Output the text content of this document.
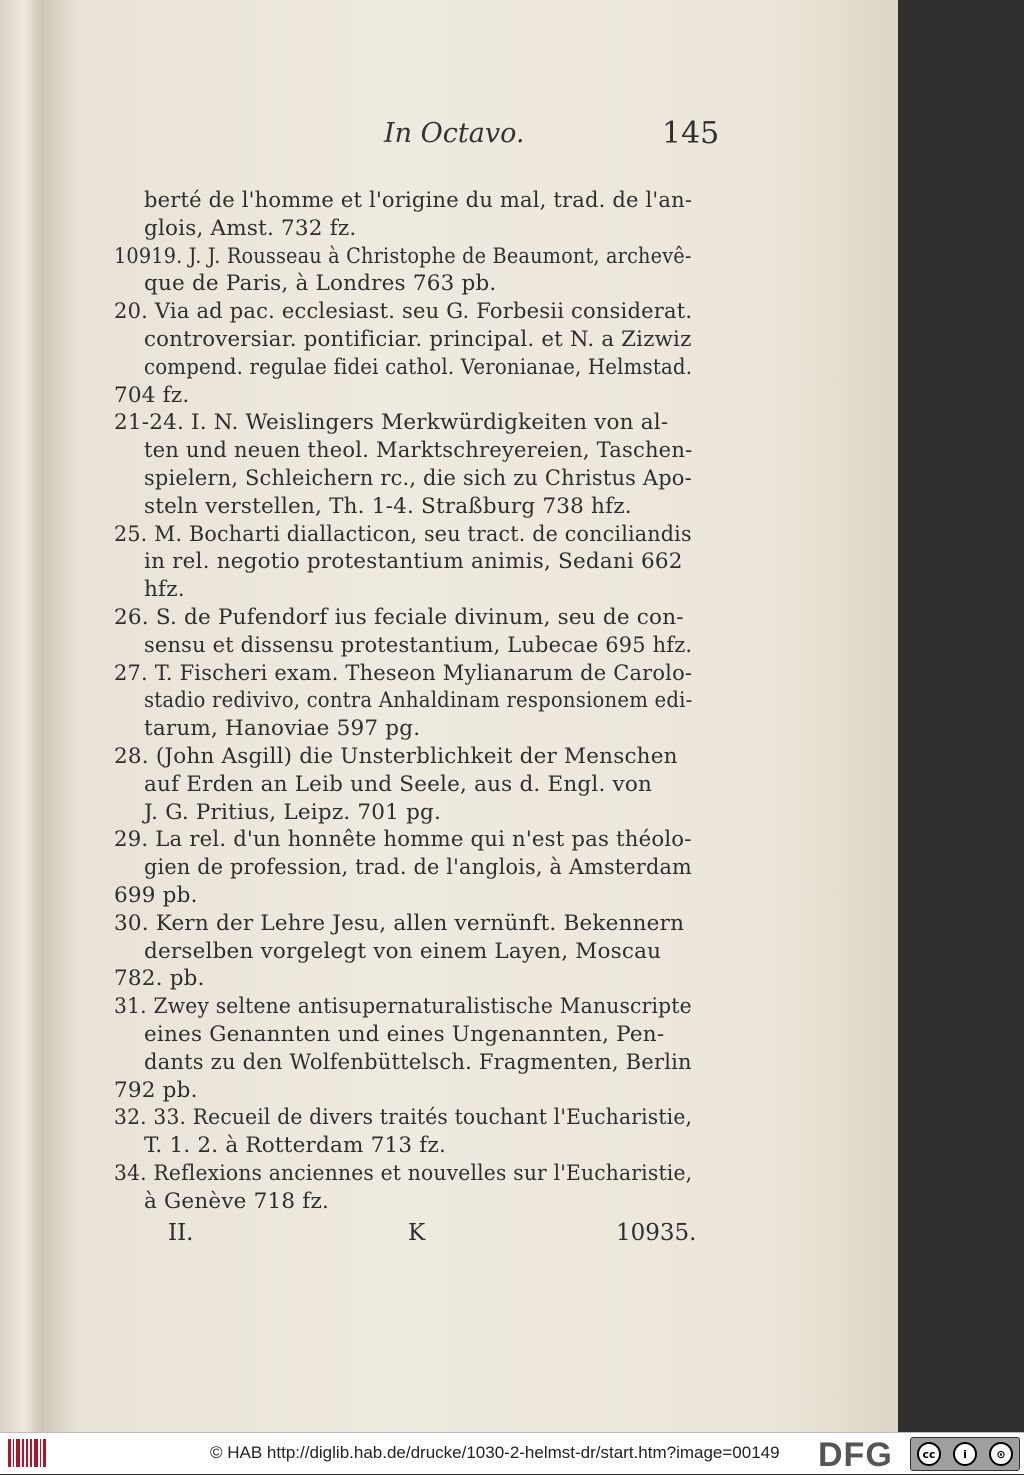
In Octavo.	145
berté de l'homme et l'origine du mal, trad. de l'an-
glois, Amst. 732 fz.
10919. J. J. Rousseau à Christophe de Beaumont, archevê-
que de Paris, à Londres 763 pb.
20. Via ad pac. ecclesiast. seu G. Forbesii considerat.
controversiar. pontificiar. principal. et N. a Zizwiz
compend. regulae fidei cathol. Veronianae, Helmstad.
704 fz.
21-24. I. N. Weislingers Merkwürdigkeiten von al-
ten und neuen theol. Marktschreyereien, Taschen-
spielern, Schleichern rc., die sich zu Christus Apo-
steln verstellen, Th. 1-4. Straßburg 738 hfz.
25. M. Bocharti diallacticon, seu tract. de conciliandis
in rel. negotio protestantium animis, Sedani 662
hfz.
26. S. de Pufendorf ius feciale divinum, seu de con-
sensu et dissensu protestantium, Lubecae 695 hfz.
27. T. Fischeri exam. Theseon Mylianarum de Carolo-
stadio redivivo, contra Anhaldinam responsionem edi-
tarum, Hanoviae 597 pg.
28. (John Asgill) die Unsterblichkeit der Menschen
auf Erden an Leib und Seele, aus d. Engl. von
J. G. Pritius, Leipz. 701 pg.
29. La rel. d'un honnête homme qui n'est pas théolo-
gien de profession, trad. de l'anglois, à Amsterdam
699 pb.
30. Kern der Lehre Jesu, allen vernünft. Bekennern
derselben vorgelegt von einem Layen, Moscau
782. pb.
31. Zwey seltene antisupernaturalistische Manuscripte
eines Genannten und eines Ungenannten, Pen-
dants zu den Wolfenbüttelsch. Fragmenten, Berlin
792 pb.
32. 33. Recueil de divers traités touchant l'Eucharistie,
T. 1. 2. à Rotterdam 713 fz.
34. Reflexions anciennes et nouvelles sur l'Eucharistie,
à Genève 718 fz.
II.	K	10935.
© HAB http://diglib.hab.de/drucke/1030-2-helmst-dr/start.htm?image=00149 DFG	cc	i	⊙
